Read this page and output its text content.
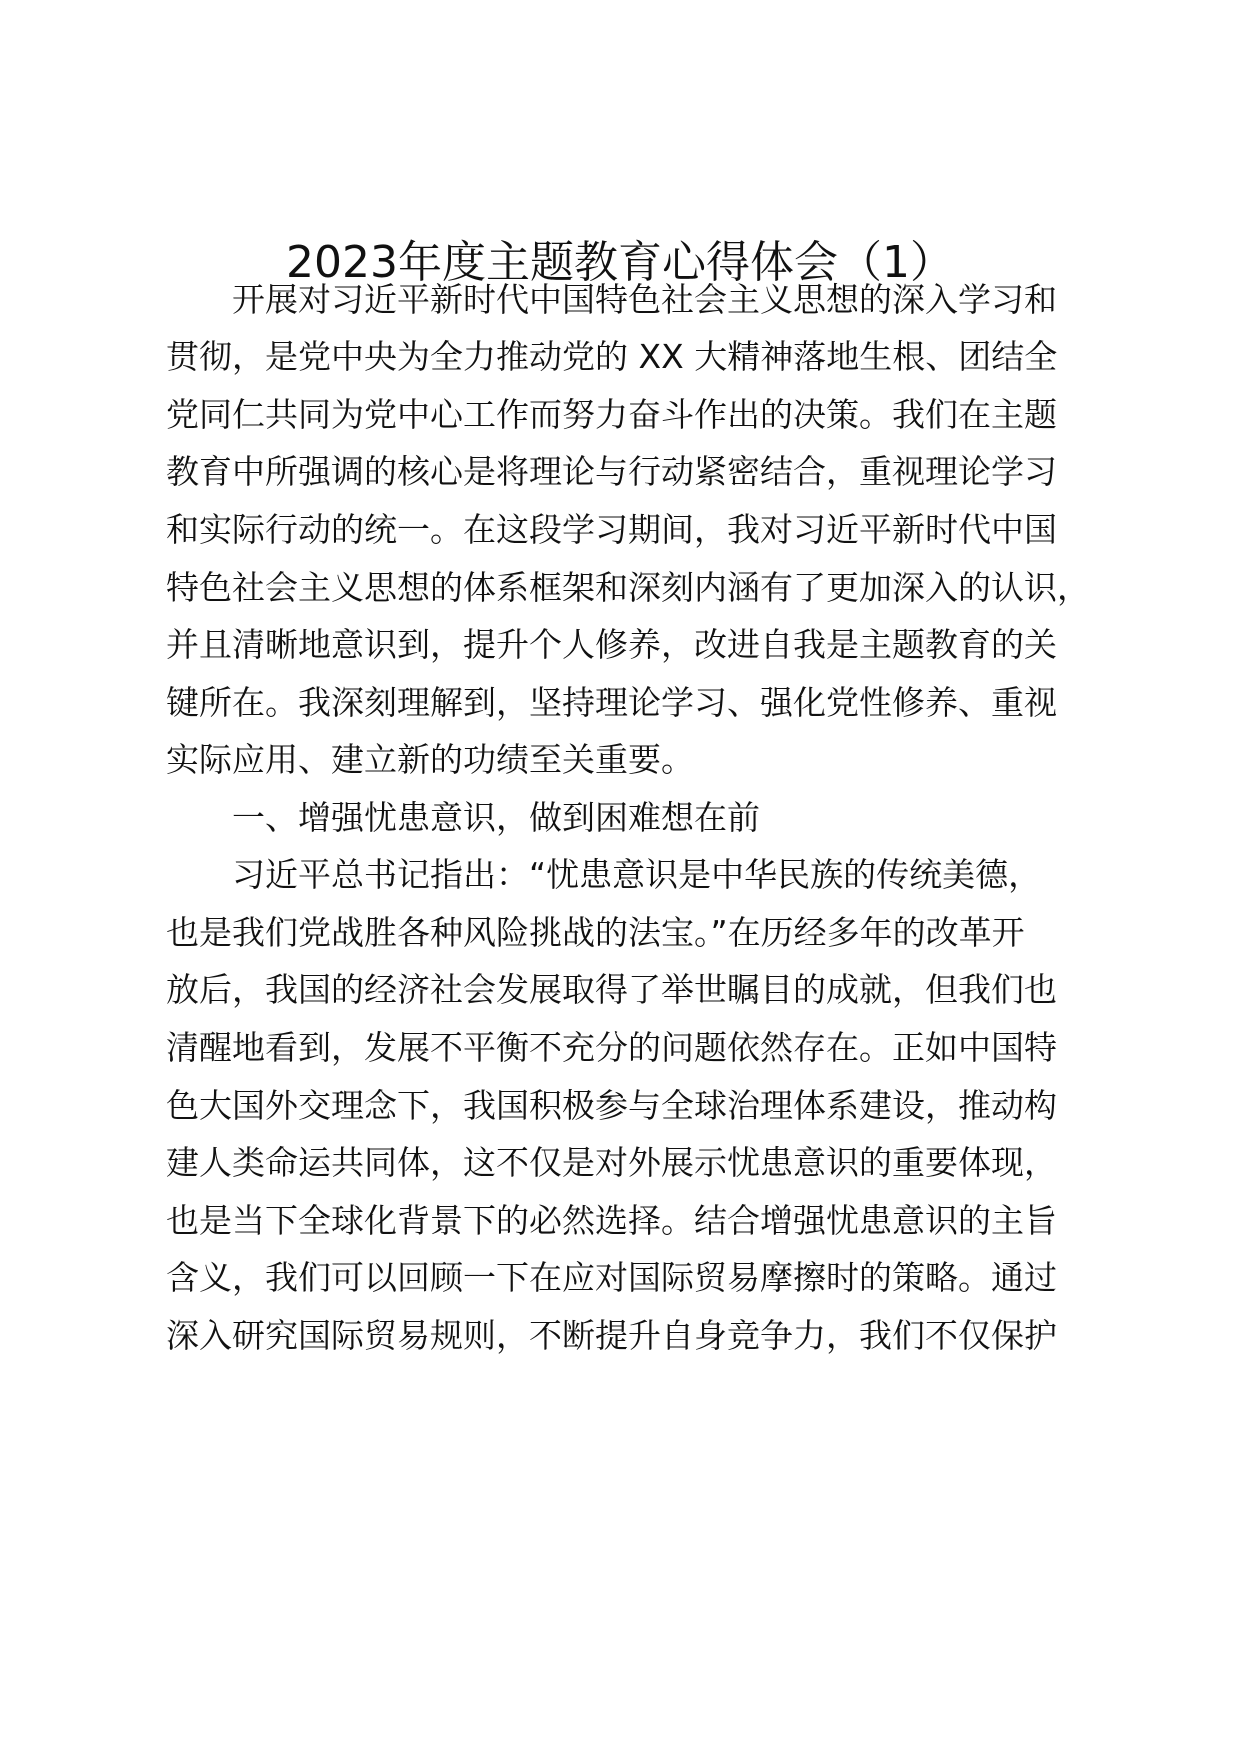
2023年度主题教育心得体会（1）
开展对习近平新时代中国特色社会主义思想的深入学习和
贯彻，是党中央为全力推动党的 XX 大精神落地生根、团结全
党同仁共同为党中心工作而努力奋斗作出的决策。我们在主题
教育中所强调的核心是将理论与行动紧密结合，重视理论学习
和实际行动的统一。在这段学习期间，我对习近平新时代中国
特色社会主义思想的体系框架和深刻内涵有了更加深入的认识，
并且清晰地意识到，提升个人修养，改进自我是主题教育的关
键所在。我深刻理解到，坚持理论学习、强化党性修养、重视
实际应用、建立新的功绩至关重要。
一、增强忧患意识，做到困难想在前
习近平总书记指出：“忧患意识是中华民族的传统美德，
也是我们党战胜各种风险挑战的法宝。”在历经多年的改革开
放后，我国的经济社会发展取得了举世瞩目的成就，但我们也
清醒地看到，发展不平衡不充分的问题依然存在。正如中国特
色大国外交理念下，我国积极参与全球治理体系建设，推动构
建人类命运共同体，这不仅是对外展示忧患意识的重要体现，
也是当下全球化背景下的必然选择。结合增强忧患意识的主旨
含义，我们可以回顾一下在应对国际贸易摩擦时的策略。通过
深入研究国际贸易规则，不断提升自身竞争力，我们不仅保护
